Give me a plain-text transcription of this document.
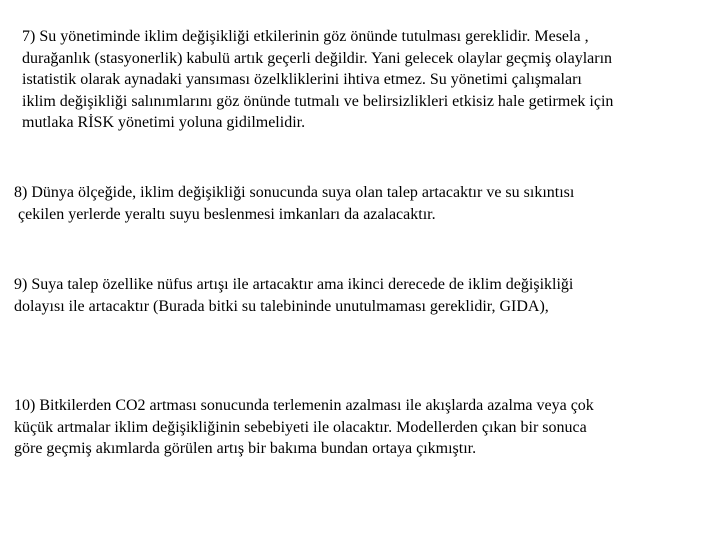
7) Su yönetiminde iklim değişikliği etkilerinin göz önünde tutulması gereklidir. Mesela ,
durağanlık (stasyonerlik) kabulü artık geçerli değildir. Yani gelecek olaylar geçmiş olayların
istatistik olarak aynadaki yansıması özelkliklerini ihtiva etmez. Su yönetimi çalışmaları
iklim değişikliği salınımlarını göz önünde tutmalı ve belirsizlikleri etkisiz hale getirmek için
mutlaka RİSK yönetimi yoluna gidilmelidir.
8) Dünya ölçeğide, iklim değişikliği sonucunda suya olan talep artacaktır ve su sıkıntısı
çekilen yerlerde yeraltı suyu beslenmesi imkanları da azalacaktır.
9) Suya talep özellike nüfus artışı ile artacaktır ama ikinci derecede de iklim değişikliği
dolayısı ile artacaktır (Burada bitki su talebininde unutulmaması gereklidir, GIDA),
10) Bitkilerden CO2 artması sonucunda terlemenin azalması ile akışlarda azalma veya çok
küçük artmalar iklim değişikliğinin sebebiyeti ile olacaktır. Modellerden çıkan bir sonuca
göre geçmiş akımlarda görülen artış bir bakıma bundan ortaya çıkmıştır.
